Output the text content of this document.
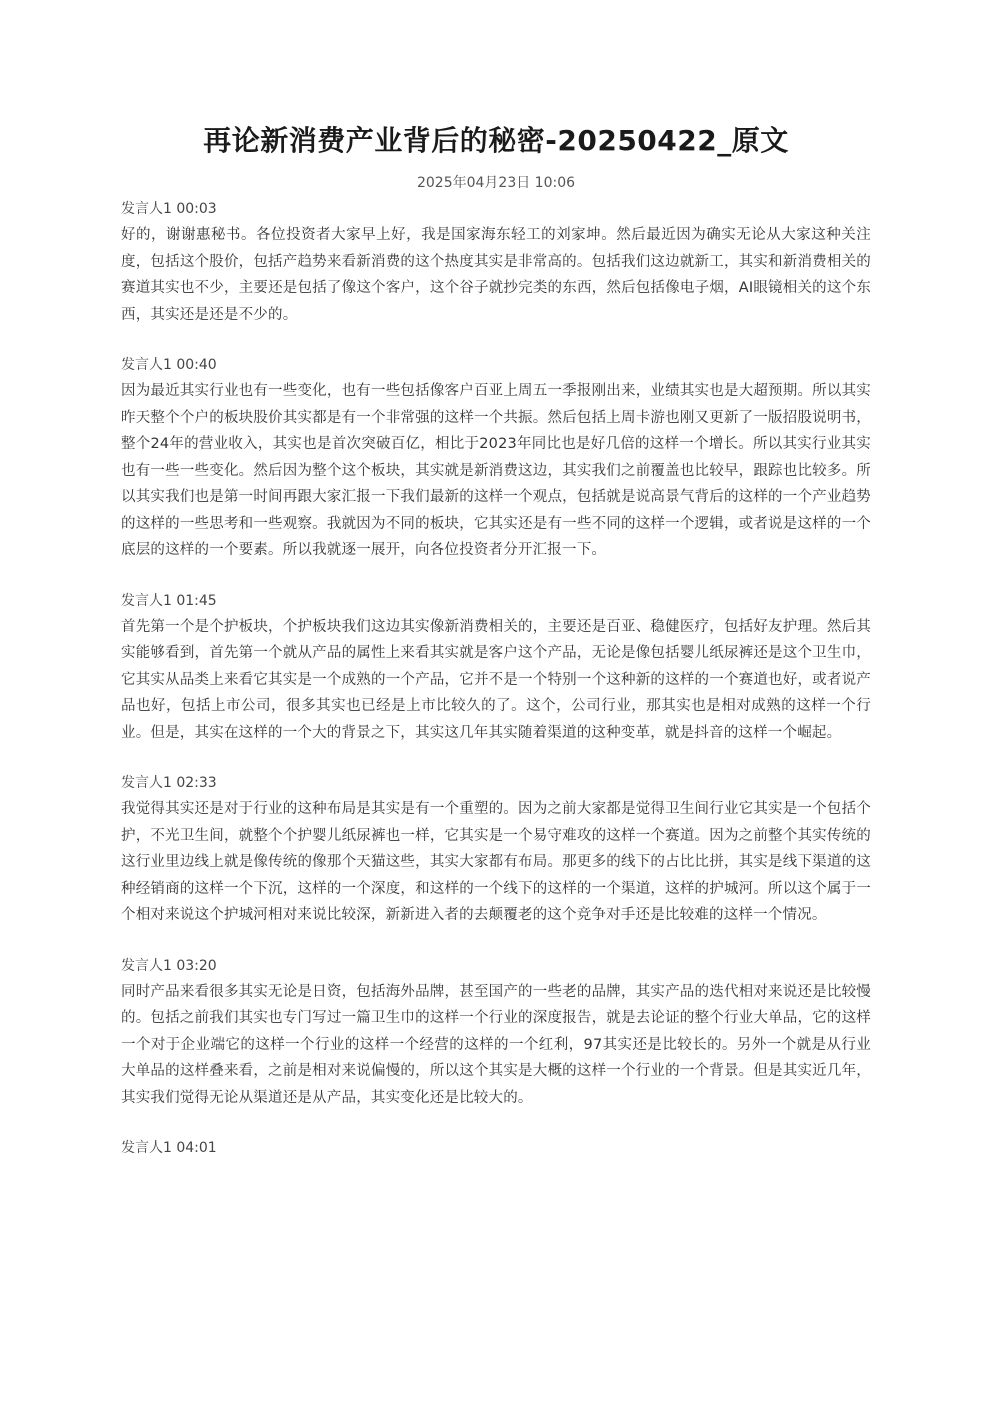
再论新消费产业背后的秘密-20250422_原文
2025年04月23日 10:06

发言人1 00:03

好的，谢谢惠秘书。各位投资者大家早上好，我是国家海东轻工的刘家坤。然后最近因为确实无论从大家这种关注度，包括这个股价，包括产趋势来看新消费的这个热度其实是非常高的。包括我们这边就新工，其实和新消费相关的赛道其实也不少，主要还是包括了像这个客户，这个谷子就抄完类的东西，然后包括像电子烟，AI眼镜相关的这个东西，其实还是还是不少的。

发言人1 00:40

因为最近其实行业也有一些变化，也有一些包括像客户百亚上周五一季报刚出来，业绩其实也是大超预期。所以其实昨天整个个户的板块股价其实都是有一个非常强的这样一个共振。然后包括上周卡游也刚又更新了一版招股说明书，整个24年的营业收入，其实也是首次突破百亿，相比于2023年同比也是好几倍的这样一个增长。所以其实行业其实也有一些一些变化。然后因为整个这个板块，其实就是新消费这边，其实我们之前覆盖也比较早，跟踪也比较多。所以其实我们也是第一时间再跟大家汇报一下我们最新的这样一个观点，包括就是说高景气背后的这样的一个产业趋势的这样的一些思考和一些观察。我就因为不同的板块，它其实还是有一些不同的这样一个逻辑，或者说是这样的一个底层的这样的一个要素。所以我就逐一展开，向各位投资者分开汇报一下。

发言人1 01:45

首先第一个是个护板块，个护板块我们这边其实像新消费相关的，主要还是百亚、稳健医疗，包括好友护理。然后其实能够看到，首先第一个就从产品的属性上来看其实就是客户这个产品，无论是像包括婴儿纸尿裤还是这个卫生巾，它其实从品类上来看它其实是一个成熟的一个产品，它并不是一个特别一个这种新的这样的一个赛道也好，或者说产品也好，包括上市公司，很多其实也已经是上市比较久的了。这个，公司行业，那其实也是相对成熟的这样一个行业。但是，其实在这样的一个大的背景之下，其实这几年其实随着渠道的这种变革，就是抖音的这样一个崛起。

发言人1 02:33

我觉得其实还是对于行业的这种布局是其实是有一个重塑的。因为之前大家都是觉得卫生间行业它其实是一个包括个护，不光卫生间，就整个个护婴儿纸尿裤也一样，它其实是一个易守难攻的这样一个赛道。因为之前整个其实传统的这行业里边线上就是像传统的像那个天猫这些，其实大家都有布局。那更多的线下的占比比拼，其实是线下渠道的这种经销商的这样一个下沉，这样的一个深度，和这样的一个线下的这样的一个渠道，这样的护城河。所以这个属于一个相对来说这个护城河相对来说比较深，新新进入者的去颠覆老的这个竞争对手还是比较难的这样一个情况。

发言人1 03:20

同时产品来看很多其实无论是日资，包括海外品牌，甚至国产的一些老的品牌，其实产品的迭代相对来说还是比较慢的。包括之前我们其实也专门写过一篇卫生巾的这样一个行业的深度报告，就是去论证的整个行业大单品，它的这样一个对于企业端它的这样一个行业的这样一个经营的这样的一个红利，97其实还是比较长的。另外一个就是从行业大单品的这样叠来看，之前是相对来说偏慢的，所以这个其实是大概的这样一个行业的一个背景。但是其实近几年，其实我们觉得无论从渠道还是从产品，其实变化还是比较大的。

发言人1 04:01
